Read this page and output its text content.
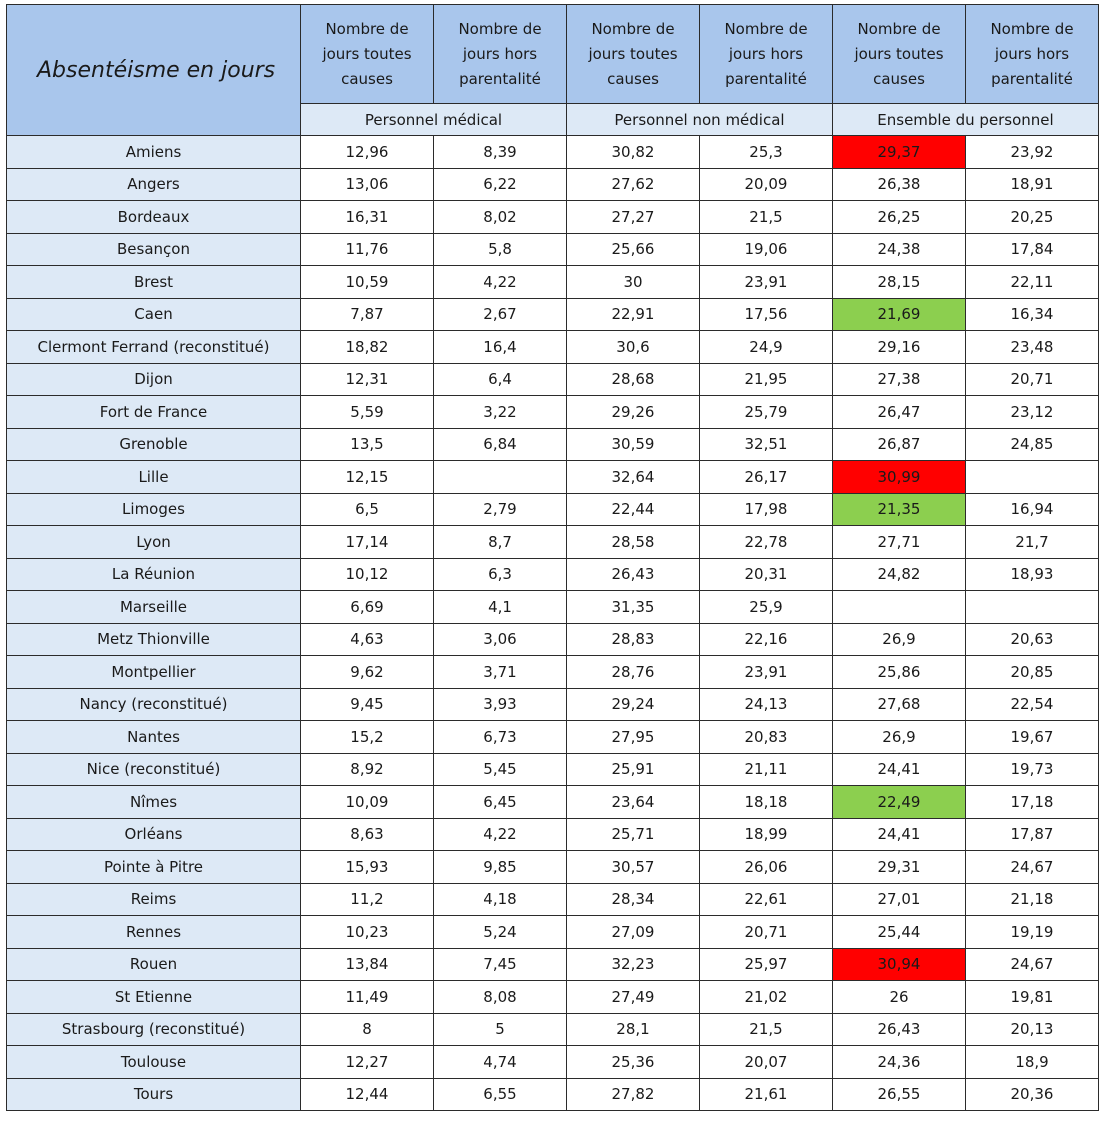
Absentéisme en jours	Nombre de jours toutes causes	Nombre de jours hors parentalité	Nombre de jours toutes causes	Nombre de jours hors parentalité	Nombre de jours toutes causes	Nombre de jours hors parentalité

	Personnel médical		Personnel non médical		Ensemble du personnel	
Amiens	12,96	8,39	30,82	25,3	29,37	23,92
Angers	13,06	6,22	27,62	20,09	26,38	18,91
Bordeaux	16,31	8,02	27,27	21,5	26,25	20,25
Besançon	11,76	5,8	25,66	19,06	24,38	17,84
Brest	10,59	4,22	30	23,91	28,15	22,11
Caen	7,87	2,67	22,91	17,56	21,69	16,34
Clermont Ferrand (reconstitué)	18,82	16,4	30,6	24,9	29,16	23,48
Dijon	12,31	6,4	28,68	21,95	27,38	20,71
Fort de France	5,59	3,22	29,26	25,79	26,47	23,12
Grenoble	13,5	6,84	30,59	32,51	26,87	24,85
Lille	12,15		32,64	26,17	30,99	
Limoges	6,5	2,79	22,44	17,98	21,35	16,94
Lyon	17,14	8,7	28,58	22,78	27,71	21,7
La Réunion	10,12	6,3	26,43	20,31	24,82	18,93
Marseille	6,69	4,1	31,35	25,9		
Metz Thionville	4,63	3,06	28,83	22,16	26,9	20,63
Montpellier	9,62	3,71	28,76	23,91	25,86	20,85
Nancy (reconstitué)	9,45	3,93	29,24	24,13	27,68	22,54
Nantes	15,2	6,73	27,95	20,83	26,9	19,67
Nice (reconstitué)	8,92	5,45	25,91	21,11	24,41	19,73
Nîmes	10,09	6,45	23,64	18,18	22,49	17,18
Orléans	8,63	4,22	25,71	18,99	24,41	17,87
Pointe à Pitre	15,93	9,85	30,57	26,06	29,31	24,67
Reims	11,2	4,18	28,34	22,61	27,01	21,18
Rennes	10,23	5,24	27,09	20,71	25,44	19,19
Rouen	13,84	7,45	32,23	25,97	30,94	24,67
St Etienne	11,49	8,08	27,49	21,02	26	19,81
Strasbourg (reconstitué)	8	5	28,1	21,5	26,43	20,13
Toulouse	12,27	4,74	25,36	20,07	24,36	18,9
Tours	12,44	6,55	27,82	21,61	26,55	20,36
